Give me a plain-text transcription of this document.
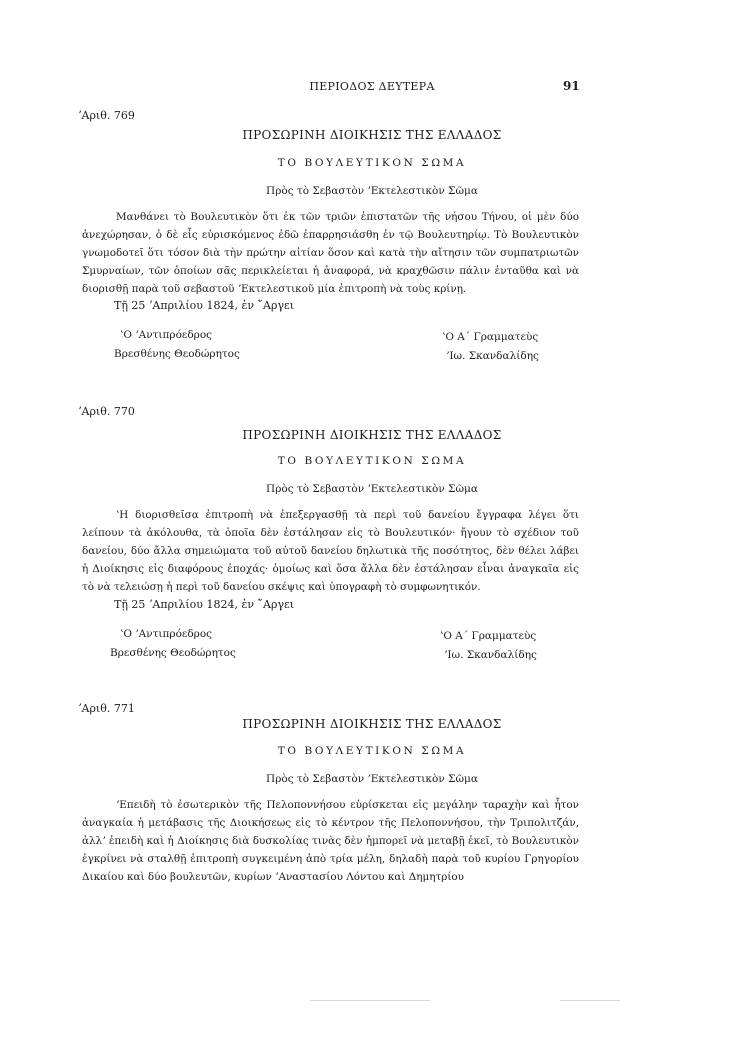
ΠΕΡΙΟΔΟΣ ΔΕΥΤΕΡΑ	91
ʼΑριθ. 769
ΠΡΟΣΩΡΙΝΗ ΔΙΟΙΚΗΣΙΣ ΤΗΣ ΕΛΛΑΔΟΣ
ΤΟ ΒΟΥΛΕΥΤΙΚΟΝ ΣΩΜΑ
Πρὸς τὸ Σεβαστὸν ʼΕκτελεστικὸν Σῶμα

Μανθάνει τὸ Βουλευτικὸν ὅτι ἐκ τῶν τριῶν ἐπιστατῶν τῆς νήσου Τήνου, οἱ μὲν δύο ἀνεχώρησαν, ὁ δὲ εἷς εὑρισκόμενος ἐδῶ ἐπαρρησιάσθη ἐν τῷ Βουλευτηρίῳ. Τὸ Βουλευτικὸν γνωμοδοτεῖ ὅτι τόσον διὰ τὴν πρώτην αἰτίαν ὅσον καὶ κατὰ τὴν αἴτησιν τῶν συμπατριωτῶν Σμυρναίων, τῶν ὁποίων σᾶς περικλείεται ἡ ἀναφορά, νὰ κραχθῶσιν πάλιν ἐνταῦθα καὶ νὰ διορισθῇ παρὰ τοῦ σεβαστοῦ ʼΕκτελεστικοῦ μία ἐπιτροπὴ νὰ τοὺς κρίνῃ.

Τῇ 25 ʼΑπριλίου 1824, ἐν ῎Αργει
ʽΟ ʼΑντιπρόεδρος
Βρεσθένης Θεοδώρητος
ʽΟ Α΄ Γραμματεὺς
ʼΙω. Σκανδαλίδης
ʼΑριθ. 770
ΠΡΟΣΩΡΙΝΗ ΔΙΟΙΚΗΣΙΣ ΤΗΣ ΕΛΛΑΔΟΣ
ΤΟ ΒΟΥΛΕΥΤΙΚΟΝ ΣΩΜΑ
Πρὸς τὸ Σεβαστὸν ʼΕκτελεστικὸν Σῶμα

ʽΗ διορισθεῖσα ἐπιτροπὴ νὰ ἐπεξεργασθῇ τὰ περὶ τοῦ δανείου ἔγγραφα λέγει ὅτι λείπουν τὰ ἀκόλουθα, τὰ ὁποῖα δὲν ἐστάλησαν εἰς τὸ Βουλευτικόν· ἤγουν τὸ σχέδιον τοῦ δανείου, δύο ἄλλα σημειώματα τοῦ αὐτοῦ δανείου δηλωτικὰ τῆς ποσότητος, δὲν θέλει λάβει ἡ Διοίκησις εἰς διαφόρους ἐποχάς· ὁμοίως καὶ ὅσα ἄλλα δὲν ἐστάλησαν εἶναι ἀναγκαῖα εἰς τὸ νὰ τελειώσῃ ἡ περὶ τοῦ δανείου σκέψις καὶ ὑπογραφὴ τὸ συμφωνητικόν.

Τῇ 25 ʼΑπριλίου 1824, ἐν ῎Αργει
ʽΟ ʼΑντιπρόεδρος
Βρεσθένης Θεοδώρητος
ʽΟ Α΄ Γραμματεὺς
ʼΙω. Σκανδαλίδης
ʼΑριθ. 771
ΠΡΟΣΩΡΙΝΗ ΔΙΟΙΚΗΣΙΣ ΤΗΣ ΕΛΛΑΔΟΣ
ΤΟ ΒΟΥΛΕΥΤΙΚΟΝ ΣΩΜΑ
Πρὸς τὸ Σεβαστὸν ʼΕκτελεστικὸν Σῶμα

ʼΕπειδὴ τὸ ἐσωτερικὸν τῆς Πελοποννήσου εὑρίσκεται εἰς μεγάλην ταραχὴν καὶ ἦτον ἀναγκαία ἡ μετάβασις τῆς Διοικήσεως εἰς τὸ κέντρον τῆς Πελοποννήσου, τὴν Τριπολιτζάν, ἀλλʼ ἐπειδὴ καὶ ἡ Διοίκησις διὰ δυσκολίας τινὰς δὲν ἠμπορεῖ νὰ μεταβῇ ἐκεῖ, τὸ Βουλευτικὸν ἐγκρίνει νὰ σταλθῇ ἐπιτροπὴ συγκειμένη ἀπὸ τρία μέλη, δηλαδὴ παρὰ τοῦ κυρίου Γρηγορίου Δικαίου καὶ δύο βουλευτῶν, κυρίων ʼΑναστασίου Λόντου καὶ Δημητρίου
